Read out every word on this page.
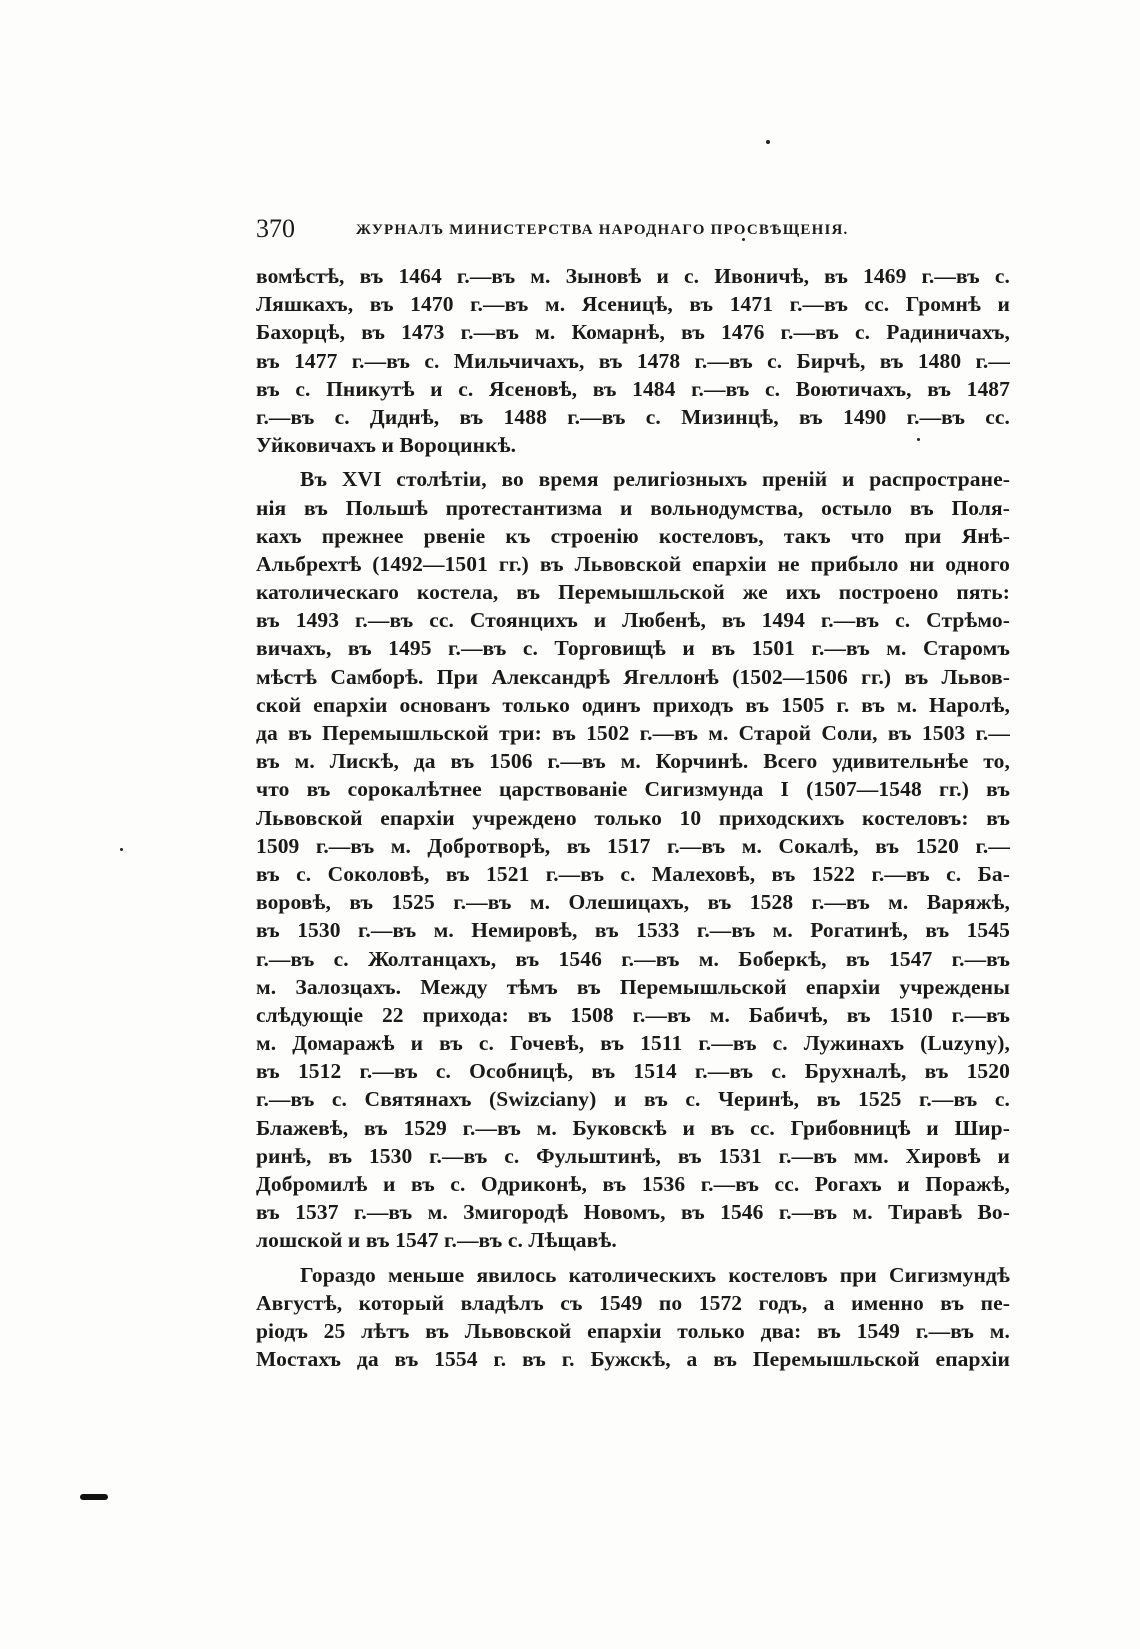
370	ЖУРНАЛЪ МИНИСТЕРСТВА НАРОДНАГО ПРОСВѢЩЕНІЯ.
вомѣстѣ, въ 1464 г.—въ м. Зыновѣ и с. Ивоничѣ, въ 1469 г.—въ с.
Ляшкахъ, въ 1470 г.—въ м. Ясеницѣ, въ 1471 г.—въ сс. Громнѣ и
Бахорцѣ, въ 1473 г.—въ м. Комарнѣ, въ 1476 г.—въ с. Радиничахъ,
въ 1477 г.—въ с. Мильчичахъ, въ 1478 г.—въ с. Бирчѣ, въ 1480 г.—
въ с. Пникутѣ и с. Ясеновѣ, въ 1484 г.—въ с. Воютичахъ, въ 1487
г.—въ с. Диднѣ, въ 1488 г.—въ с. Мизинцѣ, въ 1490 г.—въ сс.
Уйковичахъ и Вороцинкѣ.
Въ XVI столѣтіи, во время религіозныхъ преній и распростране-
нія въ Польшѣ протестантизма и вольнодумства, остыло въ Поля-
кахъ прежнее рвеніе къ строенію костеловъ, такъ что при Янѣ-
Альбрехтѣ (1492—1501 гг.) въ Львовской епархіи не прибыло ни одного
католическаго костела, въ Перемышльской же ихъ построено пять:
въ 1493 г.—въ сс. Стоянцихъ и Любенѣ, въ 1494 г.—въ с. Стрѣмо-
вичахъ, въ 1495 г.—въ с. Торговищѣ и въ 1501 г.—въ м. Старомъ
мѣстѣ Самборѣ. При Александрѣ Ягеллонѣ (1502—1506 гг.) въ Львов-
ской епархіи основанъ только одинъ приходъ въ 1505 г. въ м. Наролѣ,
да въ Перемышльской три: въ 1502 г.—въ м. Старой Соли, въ 1503 г.—
въ м. Лискѣ, да въ 1506 г.—въ м. Корчинѣ. Всего удивительнѣе то,
что въ сорокалѣтнее царствованіе Сигизмунда I (1507—1548 гг.) въ
Львовской епархіи учреждено только 10 приходскихъ костеловъ: въ
1509 г.—въ м. Добротворѣ, въ 1517 г.—въ м. Сокалѣ, въ 1520 г.—
въ с. Соколовѣ, въ 1521 г.—въ с. Малеховѣ, въ 1522 г.—въ с. Ба-
воровѣ, въ 1525 г.—въ м. Олешицахъ, въ 1528 г.—въ м. Варяжѣ,
въ 1530 г.—въ м. Немировѣ, въ 1533 г.—въ м. Рогатинѣ, въ 1545
г.—въ с. Жолтанцахъ, въ 1546 г.—въ м. Боберкѣ, въ 1547 г.—въ
м. Залозцахъ. Между тѣмъ въ Перемышльской епархіи учреждены
слѣдующіе 22 прихода: въ 1508 г.—въ м. Бабичѣ, въ 1510 г.—въ
м. Домаражѣ и въ с. Гочевѣ, въ 1511 г.—въ с. Лужинахъ (Luzyny),
въ 1512 г.—въ с. Особницѣ, въ 1514 г.—въ с. Брухналѣ, въ 1520
г.—въ с. Святянахъ (Swizciany) и въ с. Черинѣ, въ 1525 г.—въ с.
Блажевѣ, въ 1529 г.—въ м. Буковскѣ и въ сс. Грибовницѣ и Шир-
ринѣ, въ 1530 г.—въ с. Фульштинѣ, въ 1531 г.—въ мм. Хировѣ и
Добромилѣ и въ с. Одриконѣ, въ 1536 г.—въ сс. Рогахъ и Поражѣ,
въ 1537 г.—въ м. Змигородѣ Новомъ, въ 1546 г.—въ м. Тиравѣ Во-
лошской и въ 1547 г.—въ с. Лѣщавѣ.
Гораздо меньше явилось католическихъ костеловъ при Сигизмундѣ
Августѣ, который владѣлъ съ 1549 по 1572 годъ, а именно въ пе-
ріодъ 25 лѣтъ въ Львовской епархіи только два: въ 1549 г.—въ м.
Мостахъ да въ 1554 г. въ г. Бужскѣ, а въ Перемышльской епархіи
